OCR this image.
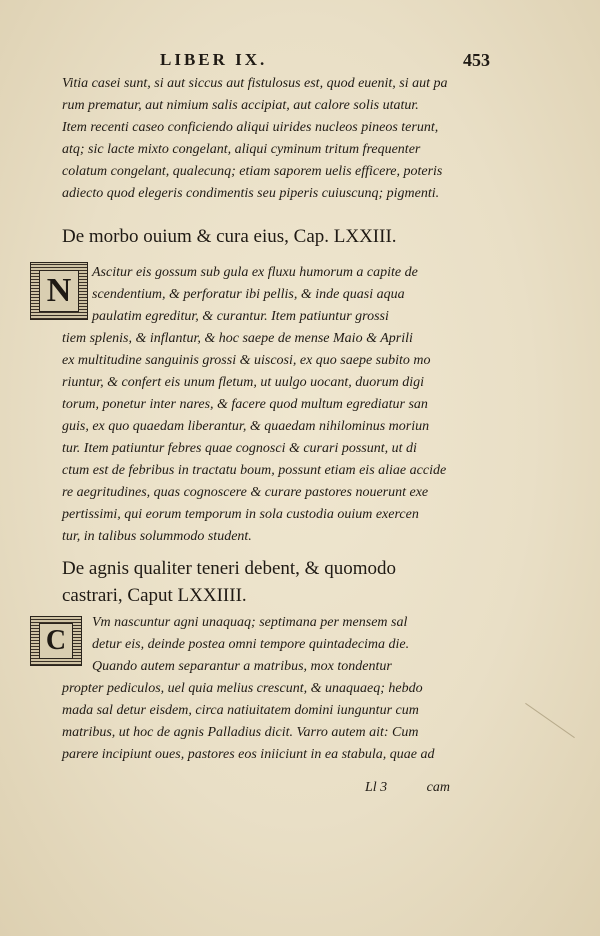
LIBER IX.	453
Vitia casei sunt, si aut siccus aut fistulosus est, quod euenit, si aut pa
rum prematur, aut nimium salis accipiat, aut calore solis utatur.
Item recenti caseo conficiendo aliqui uirides nucleos pineos terunt,
atq; sic lacte mixto congelant, aliqui cyminum tritum frequenter
colatum congelant, qualecunq; etiam saporem uelis efficere, poteris
adiecto quod elegeris condimentis seu piperis cuiuscunq; pigmenti.
De morbo ouium & cura eius, Cap. LXXIII.
N	Ascitur eis gossum sub gula ex fluxu humorum a capite de
scendentium, & perforatur ibi pellis, & inde quasi aqua
paulatim egreditur, & curantur. Item patiuntur grossi
tiem splenis, & inflantur, & hoc saepe de mense Maio & Aprili
ex multitudine sanguinis grossi & uiscosi, ex quo saepe subito mo
riuntur, & confert eis unum fletum, ut uulgo uocant, duorum digi
torum, ponetur inter nares, & facere quod multum egrediatur san
guis, ex quo quaedam liberantur, & quaedam nihilominus moriun
tur. Item patiuntur febres quae cognosci & curari possunt, ut di
ctum est de febribus in tractatu boum, possunt etiam eis aliae accide
re aegritudines, quas cognoscere & curare pastores nouerunt exe
pertissimi, qui eorum temporum in sola custodia ouium exercen
tur, in talibus solummodo student.
De agnis qualiter teneri debent, & quomodo
castrari, Caput LXXIIII.
C
Vm nascuntur agni unaquaq; septimana per mensem sal
detur eis, deinde postea omni tempore quintadecima die.
Quando autem separantur a matribus, mox tondentur
propter pediculos, uel quia melius crescunt, & unaquaeq; hebdo
mada sal detur eisdem, circa natiuitatem domini iunguntur cum
matribus, ut hoc de agnis Palladius dicit. Varro autem ait: Cum
parere incipiunt oues, pastores eos iniiciunt in ea stabula, quae ad
Ll 3	cam
